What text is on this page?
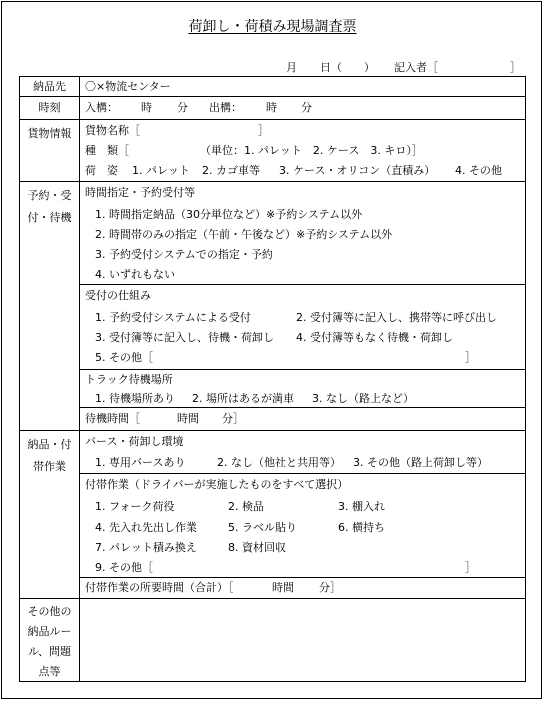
荷卸し・荷積み現場調査票
月 日（ ） 記入者［	］
納品先	〇×物流センター
時刻	入構： 時 分 出構： 時 分
貨物情報	貨物名称［	］
種　類［	（単位：1. パレット　2. ケース　3. キロ）］
荷　姿 1. パレット 2. カゴ車等 3. ケース・オリコン（直積み） 4. その他
予約・受
付・待機
時間指定・予約受付等
1. 時間指定納品（30分単位など）※予約システム以外
2. 時間帯のみの指定（午前・午後など）※予約システム以外
3. 予約受付システムでの指定・予約
4. いずれもない
受付の仕組み
1. 予約受付システムによる受付	2. 受付簿等に記入し、携帯等に呼び出し
3. 受付簿等に記入し、待機・荷卸し 4. 受付簿等もなく待機・荷卸し
5. その他［	］
トラック待機場所
1. 待機場所あり 2. 場所はあるが満車 3. なし（路上など）
待機時間［	時間 分］
納品・付
帯作業
バース・荷卸し環境
1. 専用バースあり	2. なし（他社と共用等） 3. その他（路上荷卸し等）
付帯作業（ドライバーが実施したものをすべて選択）
1. フォーク荷役	2. 検品	3. 棚入れ
4. 先入れ先出し作業	5. ラベル貼り	6. 横持ち
7. パレット積み換え	8. 資材回収
9. その他［	］
付帯作業の所要時間（合計）［	時間 分］
その他の
納品ルー
ル、問題
点等
